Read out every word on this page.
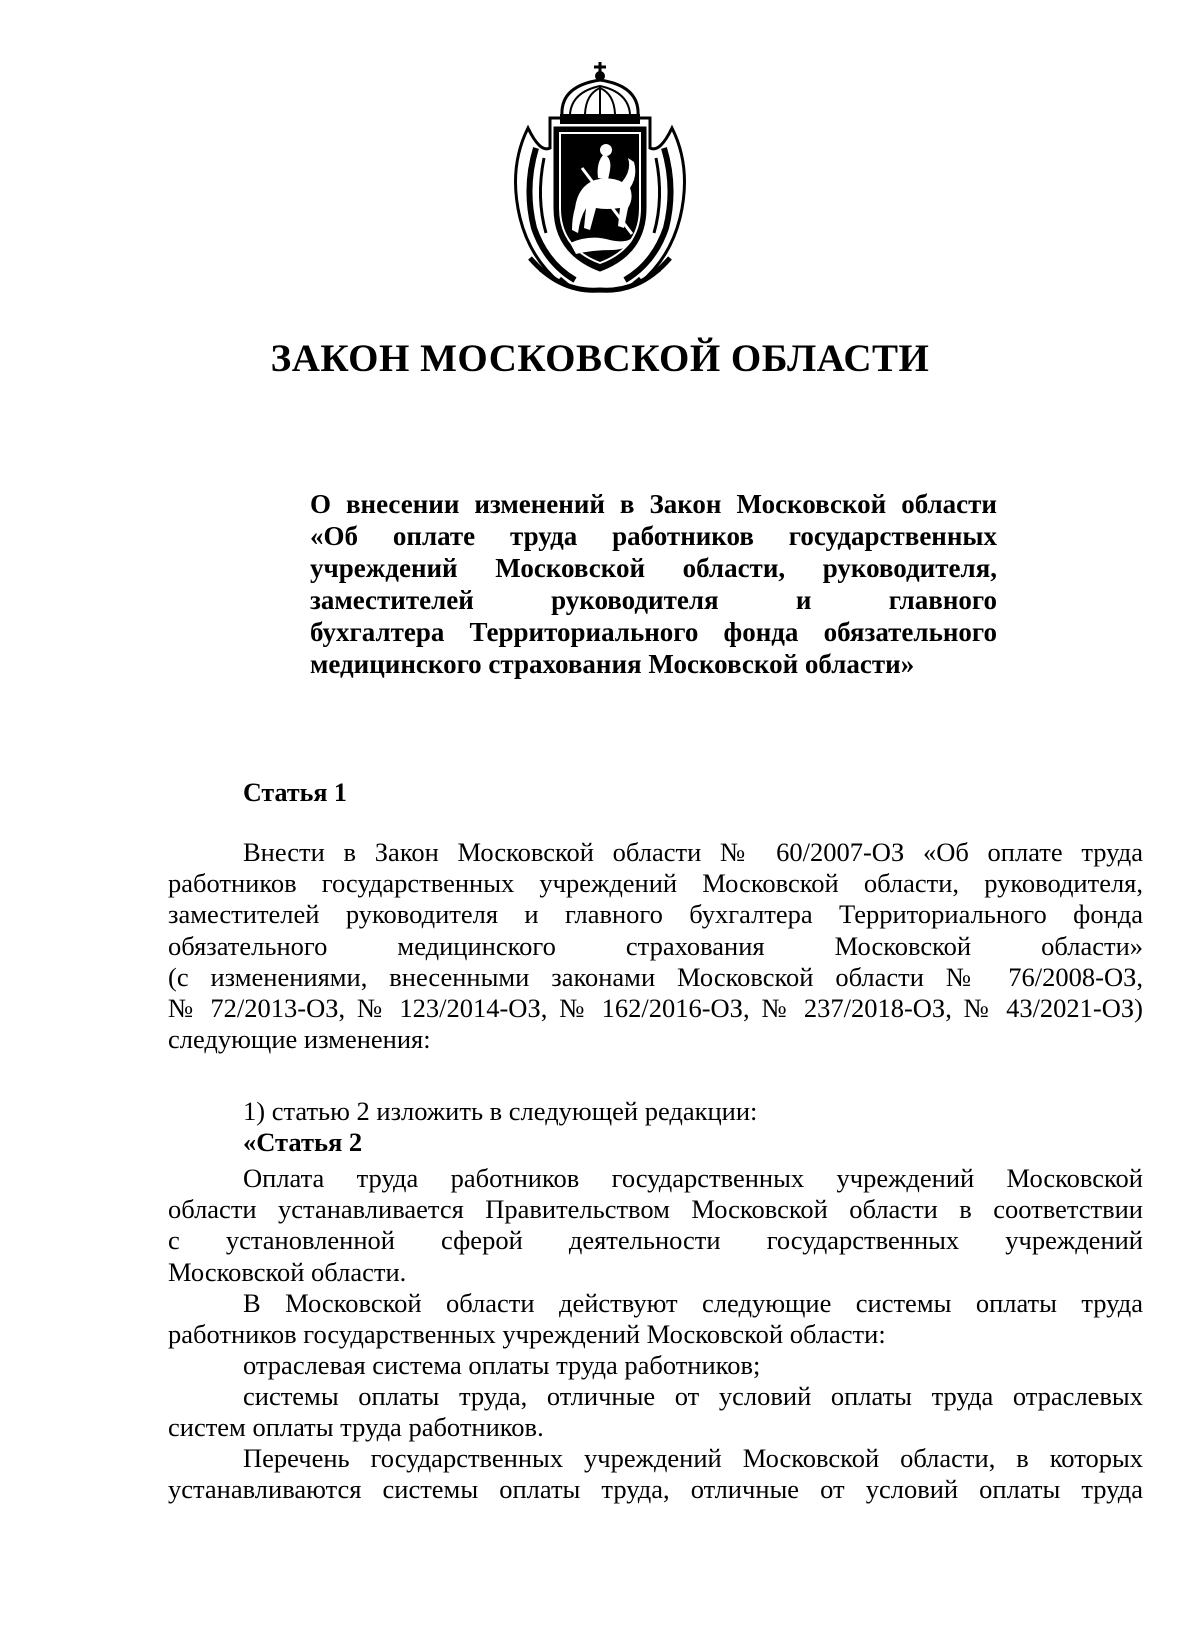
ЗАКОН МОСКОВСКОЙ ОБЛАСТИ
О внесении изменений в Закон Московской области
«Об оплате труда работников государственных
учреждений Московской области, руководителя,
заместителей руководителя и главного
бухгалтера Территориального фонда обязательного
медицинского страхования Московской области»
Статья 1
Внести в Закон Московской области № 60/2007-ОЗ «Об оплате труда
работников государственных учреждений Московской области, руководителя,
заместителей руководителя и главного бухгалтера Территориального фонда
обязательного медицинского страхования Московской области»
(с изменениями, внесенными законами Московской области № 76/2008-ОЗ,
№ 72/2013-ОЗ, № 123/2014-ОЗ, № 162/2016-ОЗ, № 237/2018-ОЗ, № 43/2021-ОЗ)
следующие изменения:
1) статью 2 изложить в следующей редакции:
«Статья 2
Оплата труда работников государственных учреждений Московской
области устанавливается Правительством Московской области в соответствии
с установленной сферой деятельности государственных учреждений
Московской области.
В Московской области действуют следующие системы оплаты труда
работников государственных учреждений Московской области:
отраслевая система оплаты труда работников;
системы оплаты труда, отличные от условий оплаты труда отраслевых
систем оплаты труда работников.
Перечень государственных учреждений Московской области, в которых
устанавливаются системы оплаты труда, отличные от условий оплаты труда
